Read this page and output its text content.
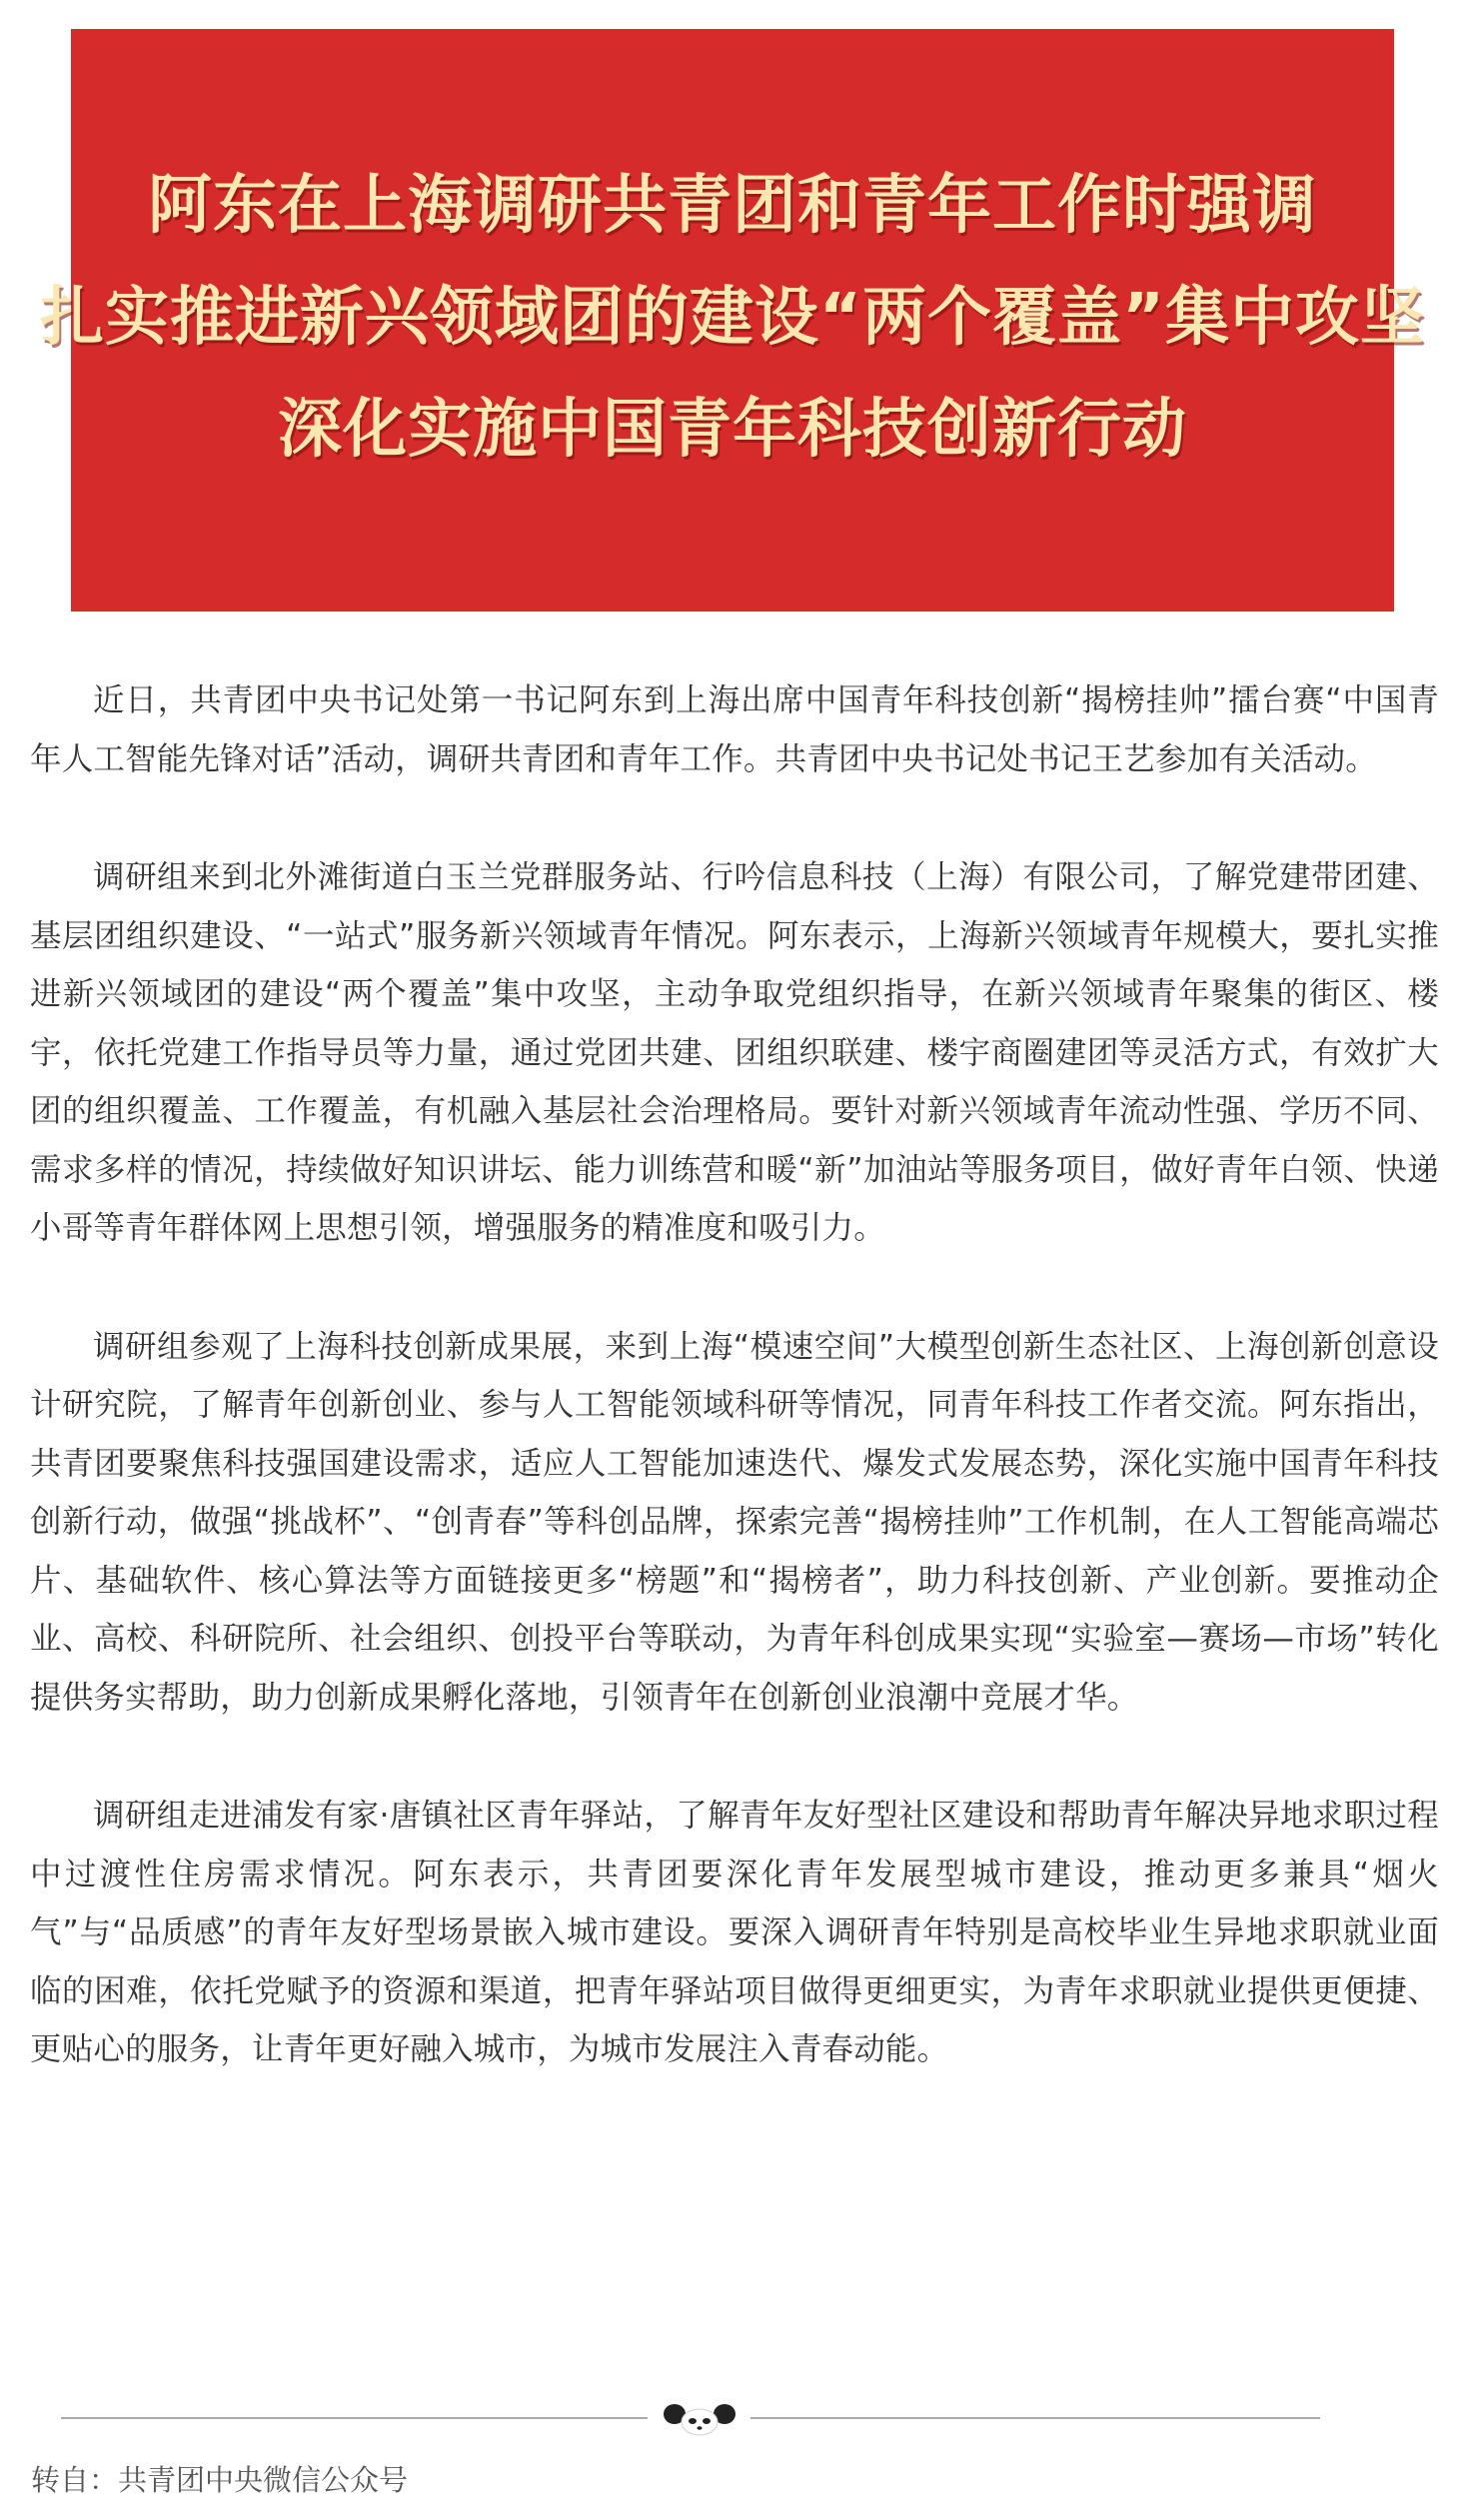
阿东在上海调研共青团和青年工作时强调
扎实推进新兴领域团的建设“两个覆盖”集中攻坚
深化实施中国青年科技创新行动

近日，共青团中央书记处第一书记阿东到上海出席中国青年科技创新“揭榜挂帅”擂台赛“中国青年人工智能先锋对话”活动，调研共青团和青年工作。共青团中央书记处书记王艺参加有关活动。

调研组来到北外滩街道白玉兰党群服务站、行吟信息科技（上海）有限公司，了解党建带团建、基层团组织建设、“一站式”服务新兴领域青年情况。阿东表示，上海新兴领域青年规模大，要扎实推进新兴领域团的建设“两个覆盖”集中攻坚，主动争取党组织指导，在新兴领域青年聚集的街区、楼宇，依托党建工作指导员等力量，通过党团共建、团组织联建、楼宇商圈建团等灵活方式，有效扩大团的组织覆盖、工作覆盖，有机融入基层社会治理格局。要针对新兴领域青年流动性强、学历不同、需求多样的情况，持续做好知识讲坛、能力训练营和暖“新”加油站等服务项目，做好青年白领、快递小哥等青年群体网上思想引领，增强服务的精准度和吸引力。

调研组参观了上海科技创新成果展，来到上海“模速空间”大模型创新生态社区、上海创新创意设计研究院，了解青年创新创业、参与人工智能领域科研等情况，同青年科技工作者交流。阿东指出，共青团要聚焦科技强国建设需求，适应人工智能加速迭代、爆发式发展态势，深化实施中国青年科技创新行动，做强“挑战杯”、“创青春”等科创品牌，探索完善“揭榜挂帅”工作机制，在人工智能高端芯片、基础软件、核心算法等方面链接更多“榜题”和“揭榜者”，助力科技创新、产业创新。要推动企业、高校、科研院所、社会组织、创投平台等联动，为青年科创成果实现“实验室—赛场—市场”转化提供务实帮助，助力创新成果孵化落地，引领青年在创新创业浪潮中竞展才华。

调研组走进浦发有家·唐镇社区青年驿站，了解青年友好型社区建设和帮助青年解决异地求职过程中过渡性住房需求情况。阿东表示，共青团要深化青年发展型城市建设，推动更多兼具“烟火气”与“品质感”的青年友好型场景嵌入城市建设。要深入调研青年特别是高校毕业生异地求职就业面临的困难，依托党赋予的资源和渠道，把青年驿站项目做得更细更实，为青年求职就业提供更便捷、更贴心的服务，让青年更好融入城市，为城市发展注入青春动能。

转自：共青团中央微信公众号
